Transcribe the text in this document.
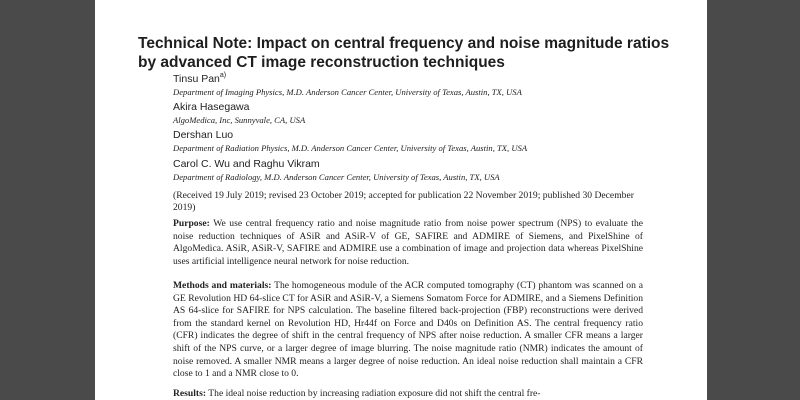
Technical Note: Impact on central frequency and noise magnitude ratios by advanced CT image reconstruction techniques
Tinsu Pan$^{a)}$
Department of Imaging Physics, M.D. Anderson Cancer Center, University of Texas, Austin, TX, USA
Akira Hasegawa
AlgoMedica, Inc, Sunnyvale, CA, USA
Dershan Luo
Department of Radiation Physics, M.D. Anderson Cancer Center, University of Texas, Austin, TX, USA
Carol C. Wu and Raghu Vikram
Department of Radiology, M.D. Anderson Cancer Center, University of Texas, Austin, TX, USA
(Received 19 July 2019; revised 23 October 2019; accepted for publication 22 November 2019; published 30 December 2019)
Purpose: We use central frequency ratio and noise magnitude ratio from noise power spectrum (NPS) to evaluate the noise reduction techniques of ASiR and ASiR-V of GE, SAFIRE and ADMIRE of Siemens, and PixelShine of AlgoMedica. ASiR, ASiR-V, SAFIRE and ADMIRE use a combination of image and projection data whereas PixelShine uses artificial intelligence neural network for noise reduction.
Methods and materials: The homogeneous module of the ACR computed tomography (CT) phantom was scanned on a GE Revolution HD 64-slice CT for ASiR and ASiR-V, a Siemens Somatom Force for ADMIRE, and a Siemens Definition AS 64-slice for SAFIRE for NPS calculation. The baseline filtered back-projection (FBP) reconstructions were derived from the standard kernel on Revolution HD, Hr44f on Force and D40s on Definition AS. The central frequency ratio (CFR) indicates the degree of shift in the central frequency of NPS after noise reduction. A smaller CFR means a larger shift of the NPS curve, or a larger degree of image blurring. The noise magnitude ratio (NMR) indicates the amount of noise removed. A smaller NMR means a larger degree of noise reduction. An ideal noise reduction shall maintain a CFR close to 1 and a NMR close to 0.
Results: The ideal noise reduction by increasing radiation exposure did not shift the central fre-
